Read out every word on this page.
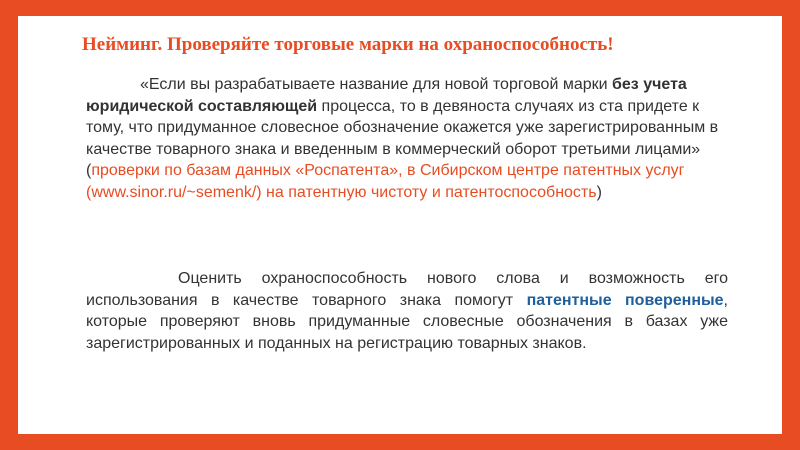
Нейминг. Проверяйте торговые марки на охраноспособность!

«Если вы разрабатываете название для новой торговой марки без учета юридической составляющей процесса, то в девяноста случаях из ста придете к тому, что придуманное словесное обозначение окажется уже зарегистрированным в качестве товарного знака и введенным в коммерческий оборот третьими лицами» (проверки по базам данных «Роспатента», в Сибирском центре патентных услуг (www.sinor.ru/~semenk/) на патентную чистоту и патентоспособность)

Оценить охраноспособность нового слова и возможность его использования в качестве товарного знака помогут патентные поверенные, которые проверяют вновь придуманные словесные обозначения в базах уже зарегистрированных и поданных на регистрацию товарных знаков.
